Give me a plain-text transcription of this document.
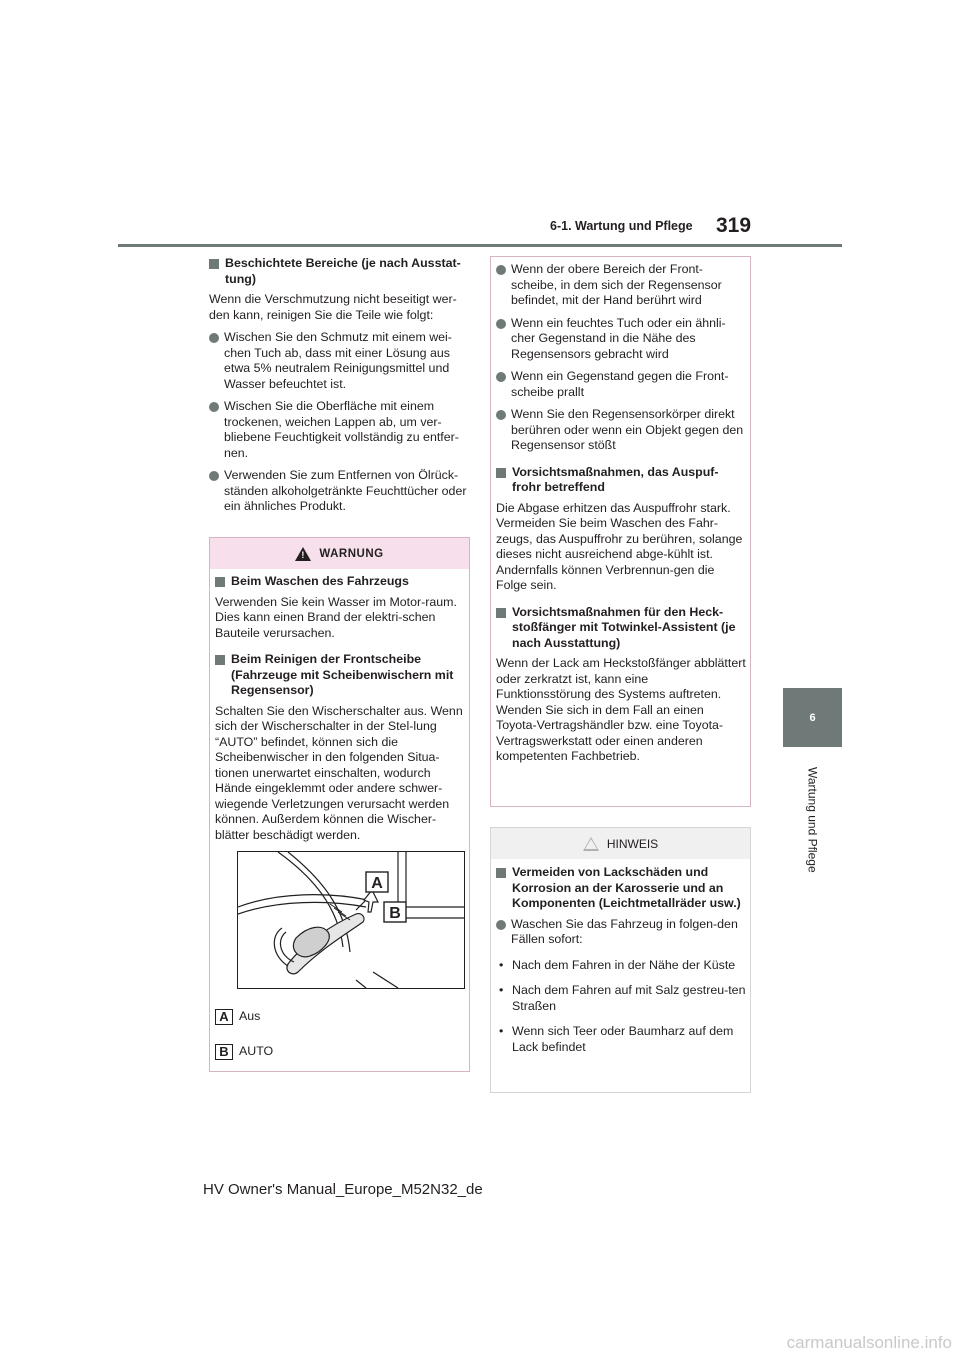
6-1. Wartung und Pflege 319
6
Wartung und Pflege
Beschichtete Bereiche (je nach Ausstat-tung)
Wenn die Verschmutzung nicht beseitigt wer-den kann, reinigen Sie die Teile wie folgt:
Wischen Sie den Schmutz mit einem wei-chen Tuch ab, dass mit einer Lösung aus etwa 5% neutralem Reinigungsmittel und Wasser befeuchtet ist.
Wischen Sie die Oberfläche mit einem trockenen, weichen Lappen ab, um ver-bliebene Feuchtigkeit vollständig zu entfer-nen.
Verwenden Sie zum Entfernen von Ölrück-ständen alkoholgetränkte Feuchttücher oder ein ähnliches Produkt.
! WARNUNG
Beim Waschen des Fahrzeugs
Verwenden Sie kein Wasser im Motor-raum. Dies kann einen Brand der elektri-schen Bauteile verursachen.
Beim Reinigen der Frontscheibe (Fahrzeuge mit Scheibenwischern mit Regensensor)
Schalten Sie den Wischerschalter aus. Wenn sich der Wischerschalter in der Stel-lung “AUTO” befindet, können sich die Scheibenwischer in den folgenden Situa-tionen unerwartet einschalten, wodurch Hände eingeklemmt oder andere schwer-wiegende Verletzungen verursacht werden können. Außerdem können die Wischer-blätter beschädigt werden.
A
B
A Aus
B AUTO
Wenn der obere Bereich der Front-scheibe, in dem sich der Regensensor befindet, mit der Hand berührt wird
Wenn ein feuchtes Tuch oder ein ähnli-cher Gegenstand in die Nähe des Regensensors gebracht wird
Wenn ein Gegenstand gegen die Front-scheibe prallt
Wenn Sie den Regensensorkörper direkt berühren oder wenn ein Objekt gegen den Regensensor stößt
Vorsichtsmaßnahmen, das Auspuf-frohr betreffend
Die Abgase erhitzen das Auspuffrohr stark.
Vermeiden Sie beim Waschen des Fahr-zeugs, das Auspuffrohr zu berühren, solange dieses nicht ausreichend abge-kühlt ist. Andernfalls können Verbrennun-gen die Folge sein.
Vorsichtsmaßnahmen für den Heck-stoßfänger mit Totwinkel-Assistent (je nach Ausstattung)
Wenn der Lack am Heckstoßfänger abblättert oder zerkratzt ist, kann eine Funktionsstörung des Systems auftreten. Wenden Sie sich in dem Fall an einen Toyota-Vertragshändler bzw. eine Toyota-Vertragswerkstatt oder einen anderen kompetenten Fachbetrieb.
HINWEIS
Vermeiden von Lackschäden und Korrosion an der Karosserie und an Komponenten (Leichtmetallräder usw.)
Waschen Sie das Fahrzeug in folgen-den Fällen sofort:
• Nach dem Fahren in der Nähe der Küste
• Nach dem Fahren auf mit Salz gestreu-ten Straßen
• Wenn sich Teer oder Baumharz auf dem Lack befindet
HV Owner's Manual_Europe_M52N32_de
carmanualsonline.info
